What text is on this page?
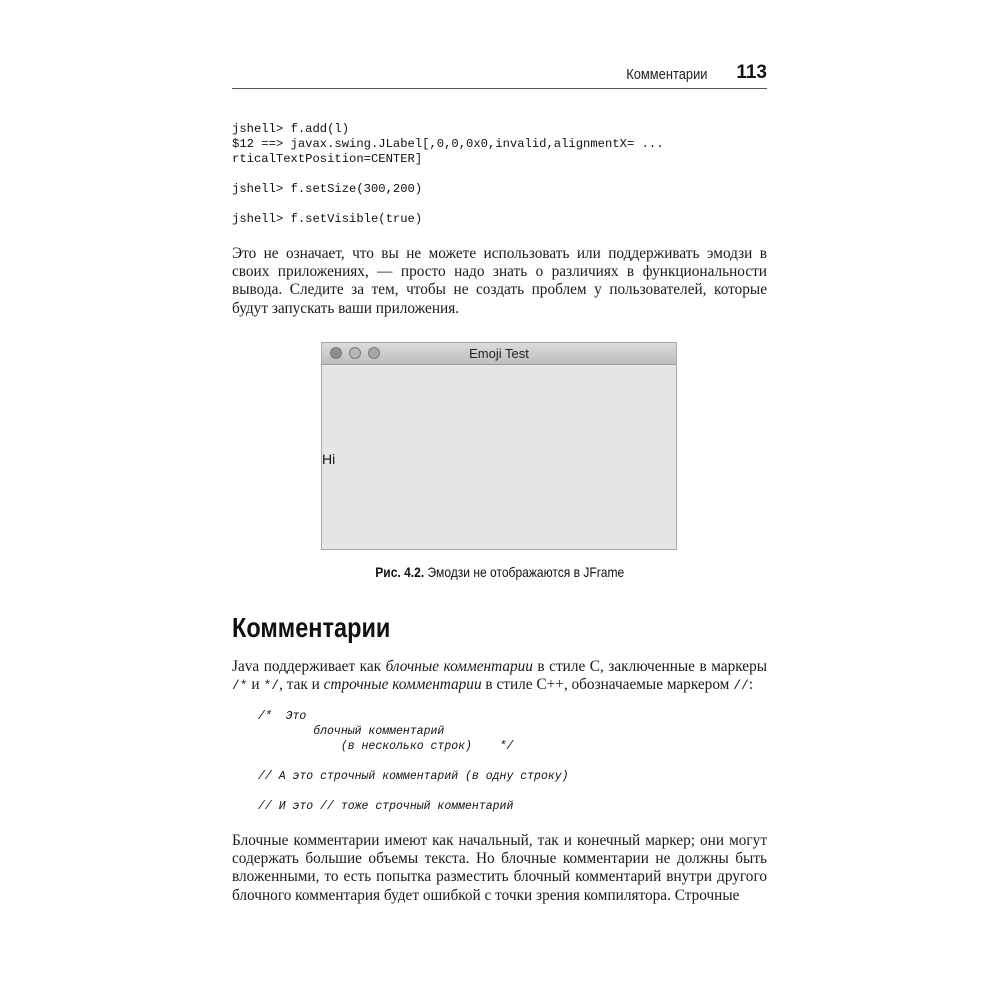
Комментарии 113
jshell> f.add(l)
$12 ==> javax.swing.JLabel[,0,0,0x0,invalid,alignmentX= ...
rticalTextPosition=CENTER]
jshell> f.setSize(300,200)
jshell> f.setVisible(true)

Это не означает, что вы не можете использовать или поддерживать эмодзи в своих приложениях, — просто надо знать о различиях в функциональности вывода. Следите за тем, чтобы не создать проблем у пользователей, которые будут запускать ваши приложения.

Emoji Test
Hi
Рис. 4.2. Эмодзи не отображаются в JFrame
Комментарии

Java поддерживает как блочные комментарии в стиле C, заключенные в маркеры /* и */, так и строчные комментарии в стиле C++, обозначаемые маркером //:

/*  Это
блочный комментарий
(в несколько строк)    */
// А это строчный комментарий (в одну строку)
// И это // тоже строчный комментарий

Блочные комментарии имеют как начальный, так и конечный маркер; они могут содержать большие объемы текста. Но блочные комментарии не должны быть вложенными, то есть попытка разместить блочный комментарий внутри другого блочного комментария будет ошибкой с точки зрения компилятора. Строчные
